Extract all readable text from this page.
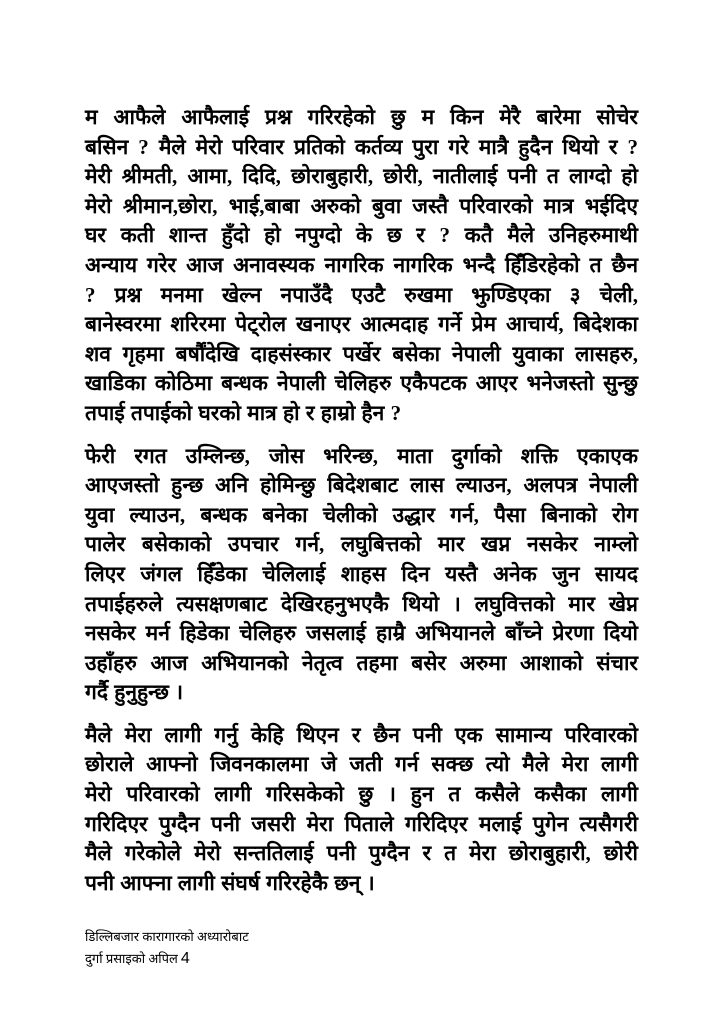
म आफैले आफैलाई प्रश्न गरिरहेको छु म किन मेरै बारेमा सोचेर
बसिन ? मैले मेरो परिवार प्रतिको कर्तव्य पुरा गरे मात्रै हुदैन थियो र ?
मेरी श्रीमती, आमा, दिदि, छोराबुहारी, छोरी, नातीलाई पनी त लाग्दो हो
मेरो श्रीमान,छोरा, भाई,बाबा अरुको बुवा जस्तै परिवारको मात्र भईदिए
घर कती शान्त हुँदो हो नपुग्दो के छ र ? कतै मैले उनिहरुमाथी
अन्याय गरेर आज अनावस्यक नागरिक नागरिक भन्दै हिँडिरहेको त छैन
? प्रश्न मनमा खेल्न नपाउँदै एउटै रुखमा झुण्डिएका ३ चेली,
बानेस्वरमा शरिरमा पेट्रोल खनाएर आत्मदाह गर्ने प्रेम आचार्य, बिदेशका
शव गृहमा बर्षौंदेखि दाहसंस्कार पर्खेर बसेका नेपाली युवाका लासहरु,
खाडिका कोठिमा बन्धक नेपाली चेलिहरु एकैपटक आएर भनेजस्तो सुन्छु
तपाई तपाईको घरको मात्र हो र हाम्रो हैन ?
फेरी रगत उम्लिन्छ, जोस भरिन्छ, माता दुर्गाको शक्ति एकाएक
आएजस्तो हुन्छ अनि होमिन्छु बिदेशबाट लास ल्याउन, अलपत्र नेपाली
युवा ल्याउन, बन्धक बनेका चेलीको उद्धार गर्न, पैसा बिनाको रोग
पालेर बसेकाको उपचार गर्न, लघुबित्तको मार खप्न नसकेर नाम्लो
लिएर जंगल हिँडेका चेलिलाई शाहस दिन यस्तै अनेक जुन सायद
तपाईहरुले त्यसक्षणबाट देखिरहनुभएकै थियो । लघुवित्तको मार खेप्न
नसकेर मर्न हिडेका चेलिहरु जसलाई हाम्रै अभियानले बाँच्ने प्रेरणा दियो
उहाँहरु आज अभियानको नेतृत्व तहमा बसेर अरुमा आशाको संचार
गर्दै हुनुहुन्छ ।
मैले मेरा लागी गर्नु केहि थिएन र छैन पनी एक सामान्य परिवारको
छोराले आफ्नो जिवनकालमा जे जती गर्न सक्छ त्यो मैले मेरा लागी
मेरो परिवारको लागी गरिसकेको छु । हुन त कसैले कसैका लागी
गरिदिएर पुग्दैन पनी जसरी मेरा पिताले गरिदिएर मलाई पुगेन त्यसैगरी
मैले गरेकोले मेरो सन्ततिलाई पनी पुग्दैन र त मेरा छोराबुहारी, छोरी
पनी आफ्ना लागी संघर्ष गरिरहेकै छन् ।
डिल्लिबजार कारागारको अध्यारोबाट
दुर्गा प्रसाइको अपिल 4
